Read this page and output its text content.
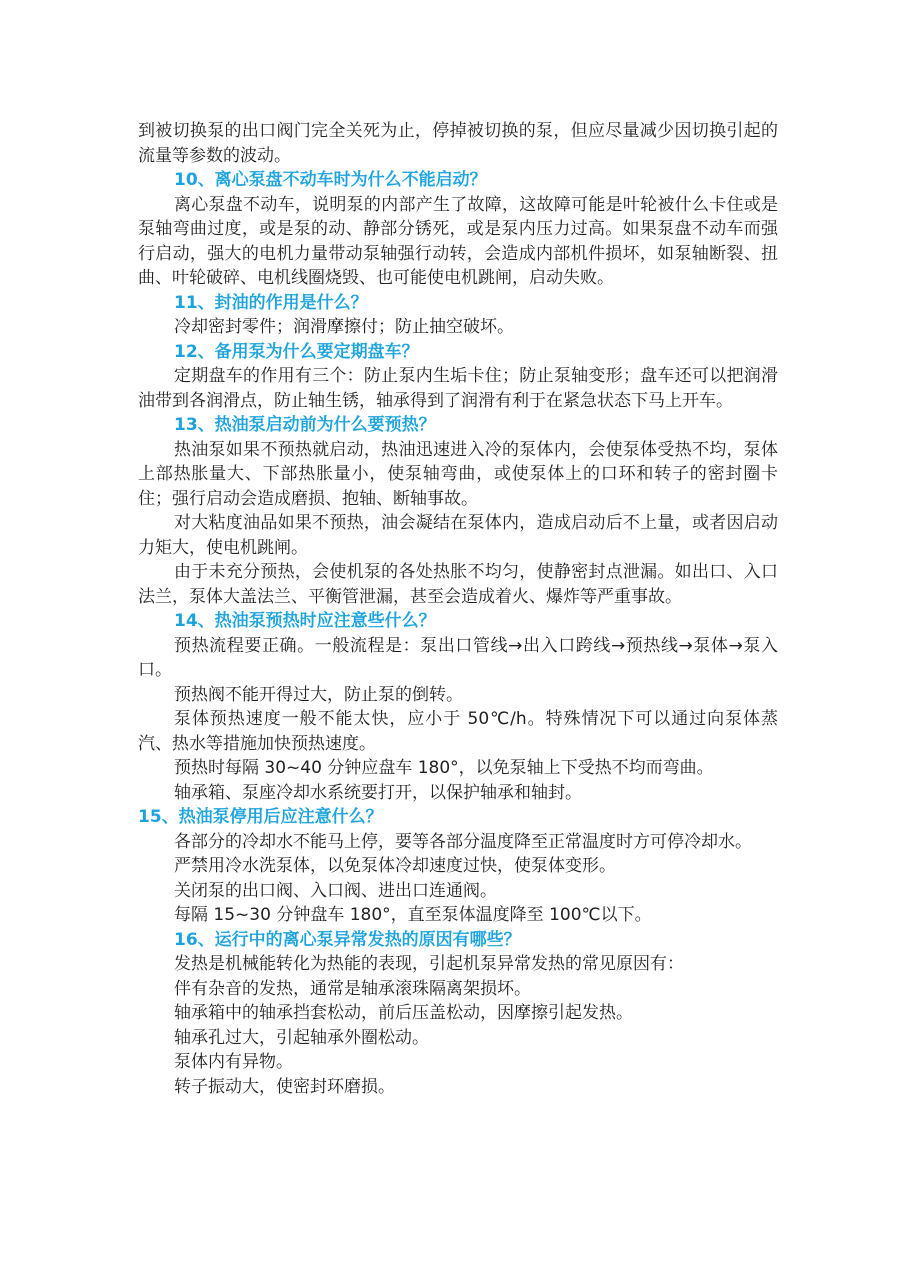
到被切换泵的出口阀门完全关死为止，停掉被切换的泵，但应尽量减少因切换引起的流量等参数的波动。

10、离心泵盘不动车时为什么不能启动？

离心泵盘不动车，说明泵的内部产生了故障，这故障可能是叶轮被什么卡住或是泵轴弯曲过度，或是泵的动、静部分锈死，或是泵内压力过高。如果泵盘不动车而强行启动，强大的电机力量带动泵轴强行动转，会造成内部机件损坏，如泵轴断裂、扭曲、叶轮破碎、电机线圈烧毁、也可能使电机跳闸，启动失败。

11、封油的作用是什么？

冷却密封零件；润滑摩擦付；防止抽空破坏。

12、备用泵为什么要定期盘车？

定期盘车的作用有三个：防止泵内生垢卡住；防止泵轴变形；盘车还可以把润滑油带到各润滑点，防止轴生锈，轴承得到了润滑有利于在紧急状态下马上开车。

13、热油泵启动前为什么要预热？

热油泵如果不预热就启动，热油迅速进入冷的泵体内，会使泵体受热不均，泵体上部热胀量大、下部热胀量小，使泵轴弯曲，或使泵体上的口环和转子的密封圈卡住；强行启动会造成磨损、抱轴、断轴事故。

对大粘度油品如果不预热，油会凝结在泵体内，造成启动后不上量，或者因启动力矩大，使电机跳闸。

由于未充分预热，会使机泵的各处热胀不均匀，使静密封点泄漏。如出口、入口法兰，泵体大盖法兰、平衡管泄漏，甚至会造成着火、爆炸等严重事故。

14、热油泵预热时应注意些什么？

预热流程要正确。一般流程是：泵出口管线→出入口跨线→预热线→泵体→泵入口。

预热阀不能开得过大，防止泵的倒转。

泵体预热速度一般不能太快，应小于 50℃/h。特殊情况下可以通过向泵体蒸汽、热水等措施加快预热速度。

预热时每隔 30~40 分钟应盘车 180°，以免泵轴上下受热不均而弯曲。

轴承箱、泵座冷却水系统要打开，以保护轴承和轴封。

15、热油泵停用后应注意什么？

各部分的冷却水不能马上停，要等各部分温度降至正常温度时方可停冷却水。

严禁用冷水洗泵体，以免泵体冷却速度过快，使泵体变形。

关闭泵的出口阀、入口阀、进出口连通阀。

每隔 15~30 分钟盘车 180°，直至泵体温度降至 100℃以下。

16、运行中的离心泵异常发热的原因有哪些？

发热是机械能转化为热能的表现，引起机泵异常发热的常见原因有：

伴有杂音的发热，通常是轴承滚珠隔离架损坏。

轴承箱中的轴承挡套松动，前后压盖松动，因摩擦引起发热。

轴承孔过大，引起轴承外圈松动。

泵体内有异物。

转子振动大，使密封环磨损。
